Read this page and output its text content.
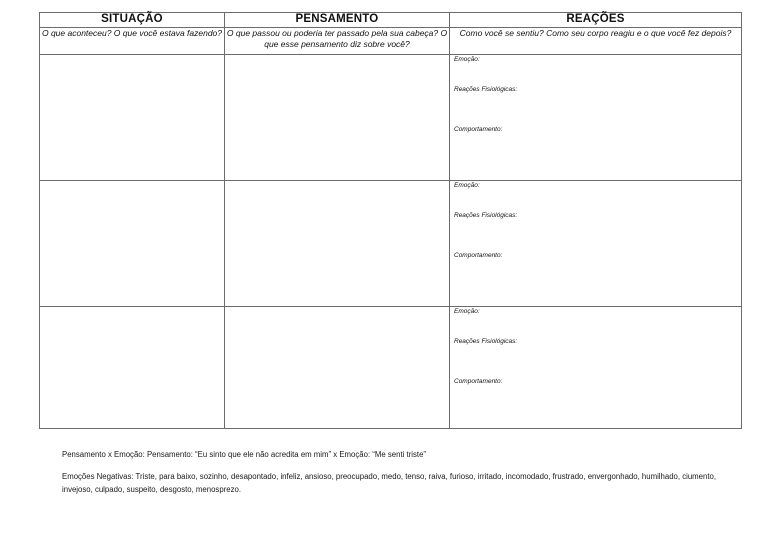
SITUAÇÃO	PENSAMENTO	REAÇÕES
O que aconteceu? O que você estava fazendo?	O que passou ou poderia ter passado pela sua cabeça? O que esse pensamento diz sobre você?	Como você se sentiu? Como seu corpo reagiu e o que você fez depois?

		Emoção:
Reações Fisiológicas:
Comportamento:

		Emoção:
Reações Fisiológicas:
Comportamento:

		Emoção:
Reações Fisiológicas:
Comportamento:
Pensamento x Emoção: Pensamento: “Eu sinto que ele não acredita em mim” x Emoção: “Me senti triste”
Emoções Negativas: Triste, para baixo, sozinho, desapontado, infeliz, ansioso, preocupado, medo, tenso, raiva, furioso, irritado, incomodado, frustrado, envergonhado, humilhado, ciumento, invejoso, culpado, suspeito, desgosto, menosprezo.
